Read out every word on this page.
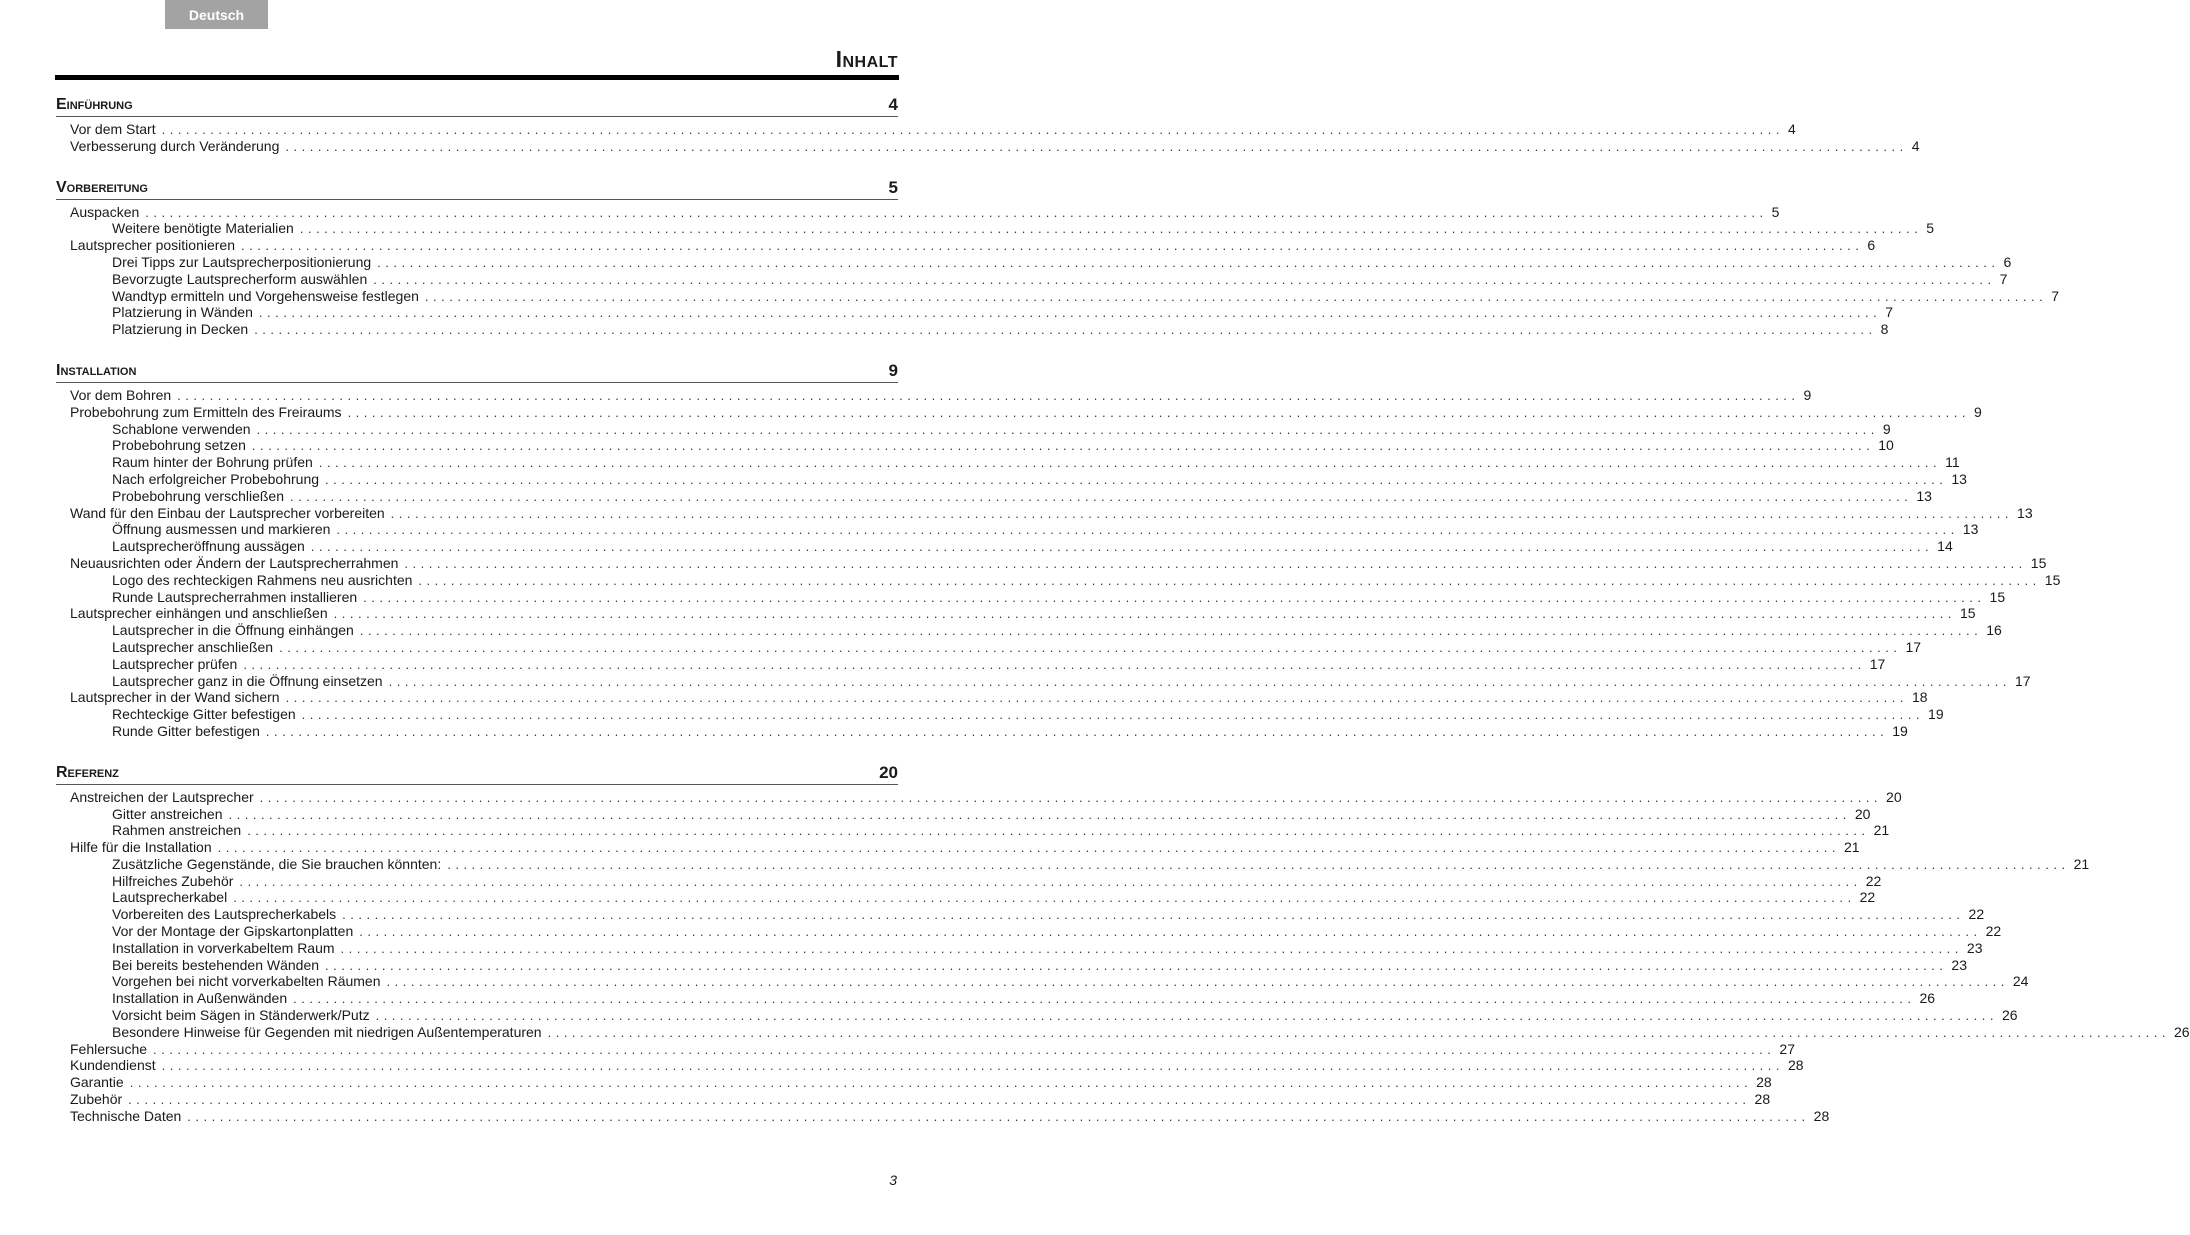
Deutsch
Inhalt
Einführung	4
Vor dem Start ........................................................................................................................................................................................................ 4
Verbesserung durch Veränderung ........................................................................................................................................................................................................ 4
Vorbereitung	5
Auspacken ........................................................................................................................................................................................................ 5
Weitere benötigte Materialien ........................................................................................................................................................................................................ 5
Lautsprecher positionieren ........................................................................................................................................................................................................ 6
Drei Tipps zur Lautsprecherpositionierung ........................................................................................................................................................................................................ 6
Bevorzugte Lautsprecherform auswählen ........................................................................................................................................................................................................ 7
Wandtyp ermitteln und Vorgehensweise festlegen ........................................................................................................................................................................................................ 7
Platzierung in Wänden ........................................................................................................................................................................................................ 7
Platzierung in Decken ........................................................................................................................................................................................................ 8
Installation	9
Vor dem Bohren ........................................................................................................................................................................................................ 9
Probebohrung zum Ermitteln des Freiraums ........................................................................................................................................................................................................ 9
Schablone verwenden ........................................................................................................................................................................................................ 9
Probebohrung setzen ........................................................................................................................................................................................................ 10
Raum hinter der Bohrung prüfen ........................................................................................................................................................................................................ 11
Nach erfolgreicher Probebohrung ........................................................................................................................................................................................................ 13
Probebohrung verschließen ........................................................................................................................................................................................................ 13
Wand für den Einbau der Lautsprecher vorbereiten ........................................................................................................................................................................................................ 13
Öffnung ausmessen und markieren ........................................................................................................................................................................................................ 13
Lautsprecheröffnung aussägen ........................................................................................................................................................................................................ 14
Neuausrichten oder Ändern der Lautsprecherrahmen ........................................................................................................................................................................................................ 15
Logo des rechteckigen Rahmens neu ausrichten ........................................................................................................................................................................................................ 15
Runde Lautsprecherrahmen installieren ........................................................................................................................................................................................................ 15
Lautsprecher einhängen und anschließen ........................................................................................................................................................................................................ 15
Lautsprecher in die Öffnung einhängen ........................................................................................................................................................................................................ 16
Lautsprecher anschließen ........................................................................................................................................................................................................ 17
Lautsprecher prüfen ........................................................................................................................................................................................................ 17
Lautsprecher ganz in die Öffnung einsetzen ........................................................................................................................................................................................................ 17
Lautsprecher in der Wand sichern ........................................................................................................................................................................................................ 18
Rechteckige Gitter befestigen ........................................................................................................................................................................................................ 19
Runde Gitter befestigen ........................................................................................................................................................................................................ 19
Referenz	20
Anstreichen der Lautsprecher ........................................................................................................................................................................................................ 20
Gitter anstreichen ........................................................................................................................................................................................................ 20
Rahmen anstreichen ........................................................................................................................................................................................................ 21
Hilfe für die Installation ........................................................................................................................................................................................................ 21
Zusätzliche Gegenstände, die Sie brauchen könnten: ........................................................................................................................................................................................................ 21
Hilfreiches Zubehör ........................................................................................................................................................................................................ 22
Lautsprecherkabel ........................................................................................................................................................................................................ 22
Vorbereiten des Lautsprecherkabels ........................................................................................................................................................................................................ 22
Vor der Montage der Gipskartonplatten ........................................................................................................................................................................................................ 22
Installation in vorverkabeltem Raum ........................................................................................................................................................................................................ 23
Bei bereits bestehenden Wänden ........................................................................................................................................................................................................ 23
Vorgehen bei nicht vorverkabelten Räumen ........................................................................................................................................................................................................ 24
Installation in Außenwänden ........................................................................................................................................................................................................ 26
Vorsicht beim Sägen in Ständerwerk/Putz ........................................................................................................................................................................................................ 26
Besondere Hinweise für Gegenden mit niedrigen Außentemperaturen ........................................................................................................................................................................................................ 26
Fehlersuche ........................................................................................................................................................................................................ 27
Kundendienst ........................................................................................................................................................................................................ 28
Garantie ........................................................................................................................................................................................................ 28
Zubehör ........................................................................................................................................................................................................ 28
Technische Daten ........................................................................................................................................................................................................ 28
3
